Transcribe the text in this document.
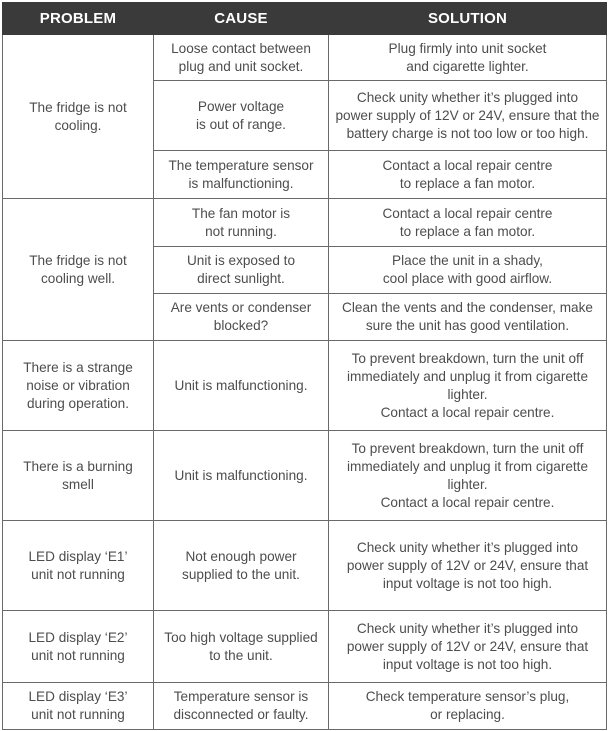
PROBLEM	CAUSE	SOLUTION

The fridge is not
cooling.	Loose contact between
plug and unit socket.	Plug firmly into unit socket
and cigarette lighter.

	Power voltage
is out of range.	Check unity whether it’s plugged into
power supply of 12V or 24V, ensure that the
battery charge is not too low or too high.

	The temperature sensor
is malfunctioning.	Contact a local repair centre
to replace a fan motor.

The fridge is not
cooling well.	The fan motor is
not running.	Contact a local repair centre
to replace a fan motor.

	Unit is exposed to
direct sunlight.	Place the unit in a shady,
cool place with good airflow.

	Are vents or condenser
blocked?	Clean the vents and the condenser, make
sure the unit has good ventilation.

There is a strange
noise or vibration
during operation.	Unit is malfunctioning.	To prevent breakdown, turn the unit off
immediately and unplug it from cigarette
lighter.
Contact a local repair centre.

There is a burning
smell	Unit is malfunctioning.	To prevent breakdown, turn the unit off
immediately and unplug it from cigarette
lighter.
Contact a local repair centre.

LED display ‘E1’
unit not running	Not enough power
supplied to the unit.	Check unity whether it’s plugged into
power supply of 12V or 24V, ensure that
input voltage is not too high.

LED display ‘E2’
unit not running	Too high voltage supplied
to the unit.	Check unity whether it’s plugged into
power supply of 12V or 24V, ensure that
input voltage is not too high.

LED display ‘E3’
unit not running	Temperature sensor is
disconnected or faulty.	Check temperature sensor’s plug,
or replacing.
